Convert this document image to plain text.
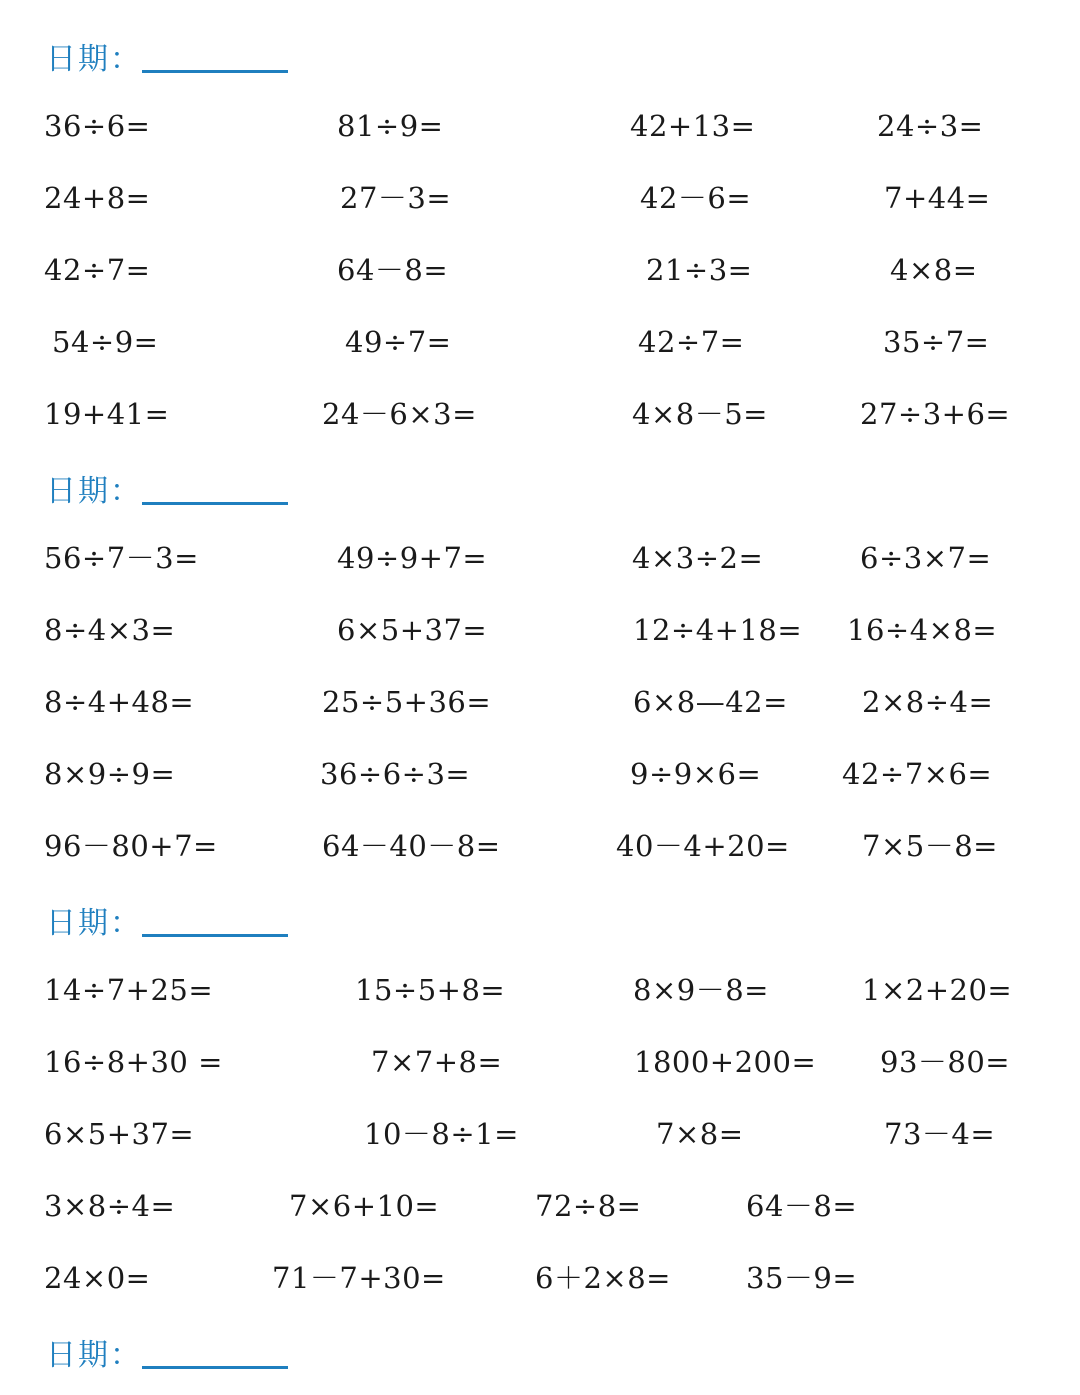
日期：
36÷6=	81÷9=	42+13=	24÷3=
24+8=	27－3=	42－6=	7+44=
42÷7=	64－8=	21÷3=	4×8=
54÷9=	49÷7=	42÷7=	35÷7=
19+41=	24－6×3=	4×8－5=	27÷3+6=
日期：
56÷7－3=	49÷9+7=	4×3÷2=	6÷3×7=
8÷4×3=	6×5+37=	12÷4+18= 16÷4×8=
8÷4+48=	25÷5+36=	6×8—42=	2×8÷4=
8×9÷9=	36÷6÷3=	9÷9×6=	42÷7×6=
96－80+7=	64－40－8=	40－4+20= 7×5－8=
日期：
14÷7+25=	15÷5+8=	8×9－8=	1×2+20=
16÷8+30 =	7×7+8=	1800+200= 93－80=
6×5+37=	10－8÷1=	7×8=	73－4=
3×8÷4=	7×6+10=	72÷8=	64－8=
24×0=	71－7+30=	6＋2×8=	35－9=
日期：
